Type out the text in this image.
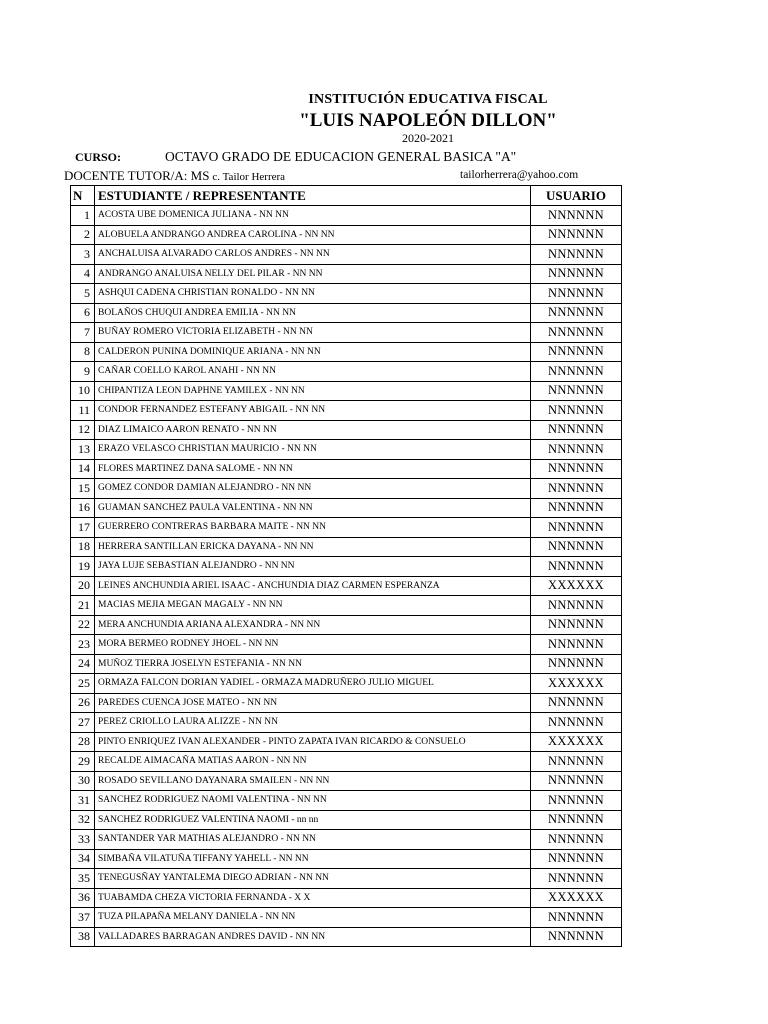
INSTITUCIÓN EDUCATIVA FISCAL
"LUIS NAPOLEÓN DILLON"
2020-2021
CURSO:	OCTAVO GRADO DE EDUCACION GENERAL BASICA "A"
DOCENTE TUTOR/A: MS c. Tailor Herrera	tailorherrera@yahoo.com
N	ESTUDIANTE / REPRESENTANTE	USUARIO
1	ACOSTA UBE DOMENICA JULIANA - NN NN	NNNNNN
2	ALOBUELA ANDRANGO ANDREA CAROLINA - NN NN	NNNNNN
3	ANCHALUISA ALVARADO CARLOS ANDRES - NN NN	NNNNNN
4	ANDRANGO ANALUISA NELLY DEL PILAR - NN NN	NNNNNN
5	ASHQUI CADENA CHRISTIAN RONALDO - NN NN	NNNNNN
6	BOLAÑOS CHUQUI ANDREA EMILIA - NN NN	NNNNNN
7	BUÑAY ROMERO VICTORIA ELIZABETH - NN NN	NNNNNN
8	CALDERON PUNINA DOMINIQUE ARIANA - NN NN	NNNNNN
9	CAÑAR COELLO KAROL ANAHI - NN NN	NNNNNN
10	CHIPANTIZA LEON DAPHNE YAMILEX - NN NN	NNNNNN
11	CONDOR FERNANDEZ ESTEFANY ABIGAIL - NN NN	NNNNNN
12	DIAZ LIMAICO AARON RENATO - NN NN	NNNNNN
13	ERAZO VELASCO CHRISTIAN MAURICIO - NN NN	NNNNNN
14	FLORES MARTINEZ DANA SALOME - NN NN	NNNNNN
15	GOMEZ CONDOR DAMIAN ALEJANDRO - NN NN	NNNNNN
16	GUAMAN SANCHEZ PAULA VALENTINA - NN NN	NNNNNN
17	GUERRERO CONTRERAS BARBARA MAITE - NN NN	NNNNNN
18	HERRERA SANTILLAN ERICKA DAYANA - NN NN	NNNNNN
19	JAYA LUJE SEBASTIAN ALEJANDRO - NN NN	NNNNNN
20	LEINES ANCHUNDIA ARIEL ISAAC - ANCHUNDIA DIAZ CARMEN ESPERANZA	XXXXXX
21	MACIAS MEJIA MEGAN MAGALY - NN NN	NNNNNN
22	MERA ANCHUNDIA ARIANA ALEXANDRA - NN NN	NNNNNN
23	MORA BERMEO RODNEY JHOEL - NN NN	NNNNNN
24	MUÑOZ TIERRA JOSELYN ESTEFANIA - NN NN	NNNNNN
25	ORMAZA FALCON DORIAN YADIEL - ORMAZA MADRUÑERO JULIO MIGUEL	XXXXXX
26	PAREDES CUENCA JOSE MATEO - NN NN	NNNNNN
27	PEREZ CRIOLLO LAURA ALIZZE - NN NN	NNNNNN
28	PINTO ENRIQUEZ IVAN ALEXANDER - PINTO ZAPATA IVAN RICARDO & CONSUELO	XXXXXX
29	RECALDE AIMACAÑA MATIAS AARON - NN NN	NNNNNN
30	ROSADO SEVILLANO DAYANARA SMAILEN - NN NN	NNNNNN
31	SANCHEZ RODRIGUEZ NAOMI VALENTINA - NN NN	NNNNNN
32	SANCHEZ RODRIGUEZ VALENTINA NAOMI - nn nn	NNNNNN
33	SANTANDER YAR MATHIAS ALEJANDRO - NN NN	NNNNNN
34	SIMBAÑA VILATUÑA TIFFANY YAHELL - NN NN	NNNNNN
35	TENEGUSÑAY YANTALEMA DIEGO ADRIAN - NN NN	NNNNNN
36	TUABAMDA CHEZA VICTORIA FERNANDA - X X	XXXXXX
37	TUZA PILAPAÑA MELANY DANIELA - NN NN	NNNNNN
38	VALLADARES BARRAGAN ANDRES DAVID - NN NN	NNNNNN
